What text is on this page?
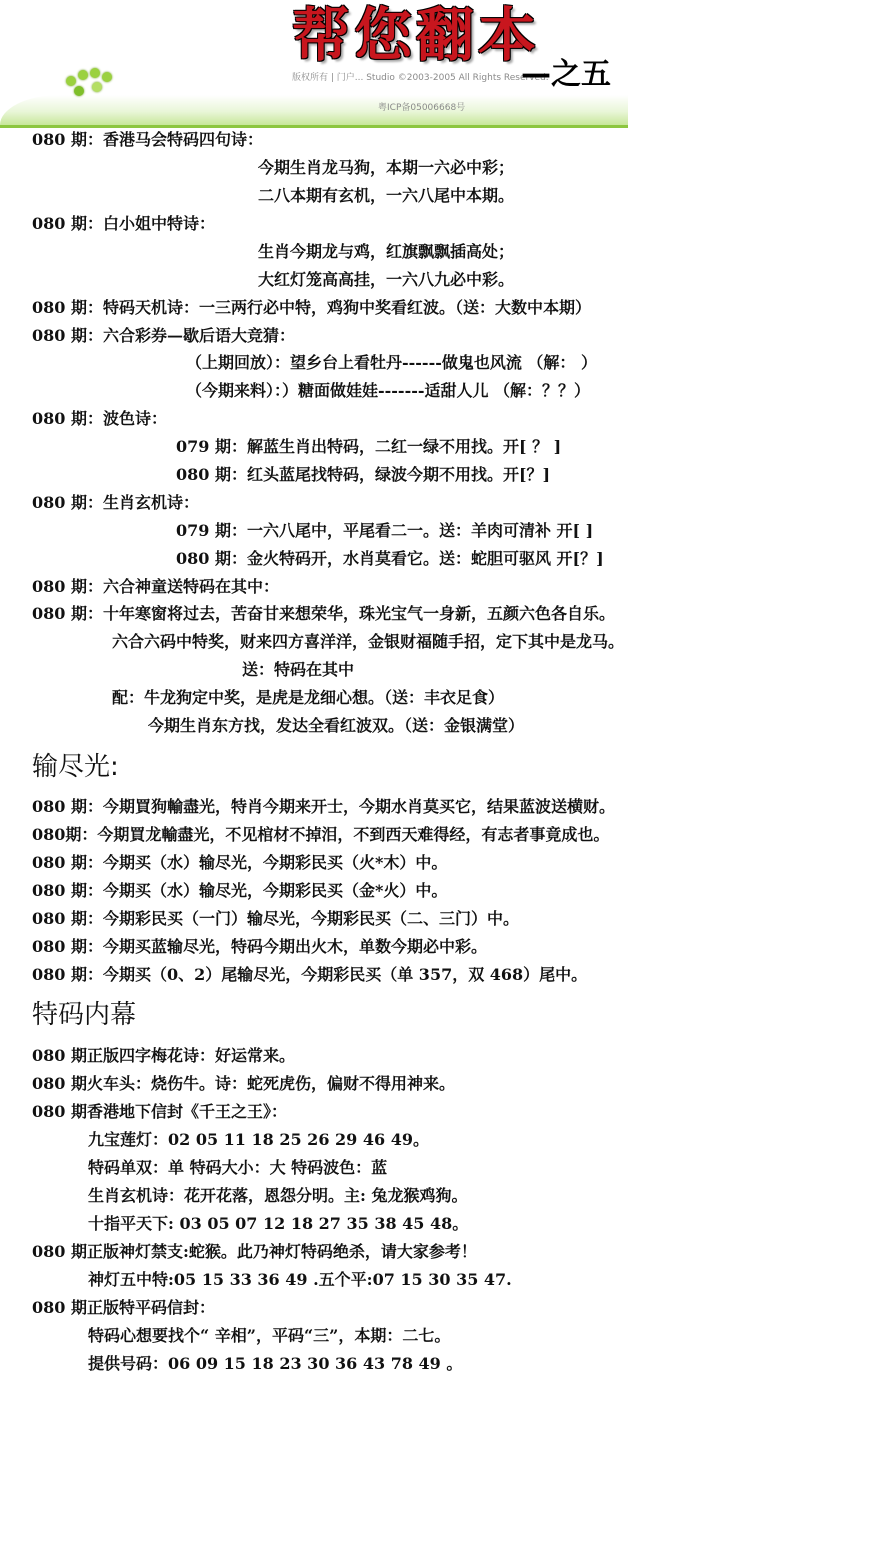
版权所有 | 门户... Studio ©2003-2005 All Rights Reserved.
粤ICP备05006668号
帮您翻本
—之五
080 期：香港马会特码四句诗：
今期生肖龙马狗，本期一六必中彩；
二八本期有玄机，一六八尾中本期。
080 期：白小姐中特诗：
生肖今期龙与鸡，红旗飘飘插高处；
大红灯笼高高挂，一六八九必中彩。
080 期：特码天机诗：一三两行必中特，鸡狗中奖看红波。（送：大数中本期）
080 期：六合彩券—歇后语大竞猜：
（上期回放）：望乡台上看牡丹------做鬼也风流 （解： ）
（今期来料）：）糖面做娃娃-------适甜人儿 （解：？？）
080 期：波色诗：
079 期：解蓝生肖出特码，二红一绿不用找。开[ ？ ]
080 期：红头蓝尾找特码，绿波今期不用找。开[？]
080 期：生肖玄机诗：
079 期：一六八尾中，平尾看二一。送：羊肉可清补 开[ ]
080 期：金火特码开，水肖莫看它。送：蛇胆可驱风 开[？]
080 期：六合神童送特码在其中：
080 期：十年寒窗将过去，苦奋甘来想荣华，珠光宝气一身新，五颜六色各自乐。
六合六码中特奖，财来四方喜洋洋，金银财福随手招，定下其中是龙马。
送：特码在其中
配：牛龙狗定中奖，是虎是龙细心想。（送：丰衣足食）
今期生肖东方找，发达全看红波双。（送：金银满堂）
输尽光:
080 期：今期買狗輸盡光，特肖今期来开士，今期水肖莫买它，结果蓝波送横财。
080期：今期買龙輸盡光，不见棺材不掉泪，不到西天难得经，有志者事竟成也。
080 期：今期买（水）输尽光，今期彩民买（火*木）中。
080 期：今期买（水）输尽光，今期彩民买（金*火）中。
080 期：今期彩民买（一门）输尽光，今期彩民买（二、三门）中。
080 期：今期买蓝输尽光，特码今期出火木，单数今期必中彩。
080 期：今期买（0、2）尾输尽光，今期彩民买（单 357，双 468）尾中。
特码内幕
080 期正版四字梅花诗：好运常来。
080 期火车头：烧伤牛。诗：蛇死虎伤，偏财不得用神来。
080 期香港地下信封《千王之王》：
九宝莲灯：02 05 11 18 25 26 29 46 49。
特码单双：单 特码大小：大 特码波色：蓝
生肖玄机诗：花开花落，恩怨分明。主: 兔龙猴鸡狗。
十指平天下: 03 05 07 12 18 27 35 38 45 48。
080 期正版神灯禁支:蛇猴。此乃神灯特码绝杀，请大家参考！
神灯五中特:05 15 33 36 49 .五个平:07 15 30 35 47.
080 期正版特平码信封：
特码心想要找个“ 辛相”，平码“三”，本期：二七。
提供号码：06 09 15 18 23 30 36 43 78 49 。
